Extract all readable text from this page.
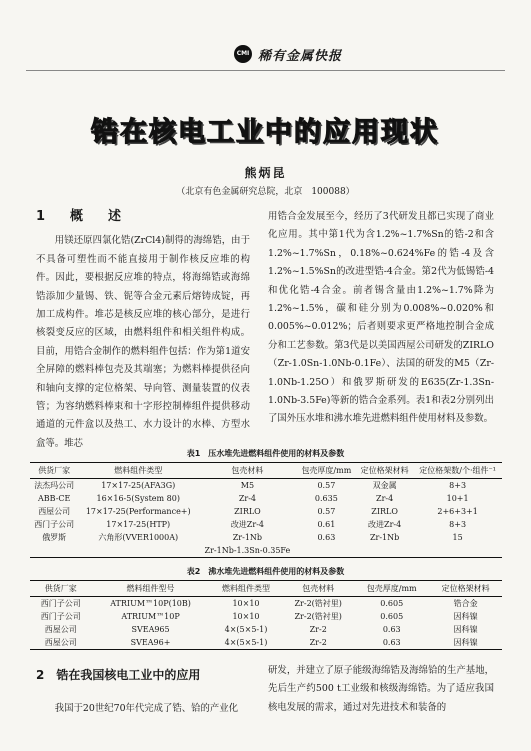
CMI 稀有金属快报
锆在核电工业中的应用现状
熊炳昆
（北京有色金属研究总院，北京　100088）

1　概　述

用镁还原四氯化锆(ZrCl4)制得的海绵锆，由于不具备可塑性而不能直接用于制作核反应堆的构件。因此，要根据反应堆的特点，将海绵锆或海绵锆添加少量锡、铁、铌等合金元素后熔铸成锭，再加工成构件。堆芯是核反应堆的核心部分，是进行核裂变反应的区域，由燃料组件和相关组件构成。目前，用锆合金制作的燃料组件包括：作为第1道安全屏障的燃料棒包壳及其端塞；为燃料棒提供径向和轴向支撑的定位格架、导向管、测量装置的仪表管；为容纳燃料棒束和十字形控制棒组件提供移动通道的元件盒以及热工、水力设计的水棒、方型水盒等。堆芯

用锆合金发展至今，经历了3代研发且都已实现了商业化应用。其中第1代为含1.2%~1.7%Sn的锆-2和含1.2%~1.7%Sn，0.18%~0.624%Fe的锆-4及含1.2%~1.5%Sn的改进型锆-4合金。第2代为低锡锆-4和优化锆-4合金。前者锡含量由1.2%~1.7%降为1.2%~1.5%，碳和硅分别为0.008%~0.020%和0.005%~0.012%；后者则要求更严格地控制合金成分和工艺参数。第3代是以美国西屋公司研发的ZIRLO（Zr-1.0Sn-1.0Nb-0.1Fe）、法国的研发的M5（Zr-1.0Nb-1.25O）和俄罗斯研发的E635(Zr-1.3Sn-1.0Nb-3.5Fe)等新的锆合金系列。表1和表2分别列出了国外压水堆和沸水堆先进燃料组件使用材料及参数。

表1　压水堆先进燃料组件使用的材料及参数
供货厂家	燃料组件类型	包壳材料	包壳厚度/mm	定位格架材料	定位格架数/个·组件⁻¹
法杰玛公司	17×17-25(AFA3G)	M5	0.57	双金属	8+3
ABB-CE	16×16-5(System 80)	Zr-4	0.635	Zr-4	10+1
西屋公司	17×17-25(Performance+)	ZIRLO	0.57	ZIRLO	2+6+3+1
西门子公司	17×17-25(HTP)	改进Zr-4	0.61	改进Zr-4	8+3
俄罗斯	六角形(VVER1000A)	Zr-1Nb	0.63	Zr-1Nb	15
		Zr-1Nb-1.3Sn-0.35Fe			
表2　沸水堆先进燃料组件使用的材料及参数
供货厂家	燃料组件型号	燃料组件类型	包壳材料	包壳厚度/mm	定位格架材料
西门子公司	ATRIUM™10P(10B)	10×10	Zr-2(锆衬里)	0.605	锆合金
西门子公司	ATRIUM™10P	10×10	Zr-2(锆衬里)	0.605	因科镍
西屋公司	SVEA965	4×(5×5-1)	Zr-2	0.63	因科镍
西屋公司	SVEA96+	4×(5×5-1)	Zr-2	0.63	因科镍
2　锆在我国核电工业中的应用

我国于20世纪70年代完成了锆、铪的产业化

研发，并建立了原子能级海绵锆及海绵铪的生产基地，先后生产约500 t工业级和核级海绵锆。为了适应我国核电发展的需求，通过对先进技术和装备的
